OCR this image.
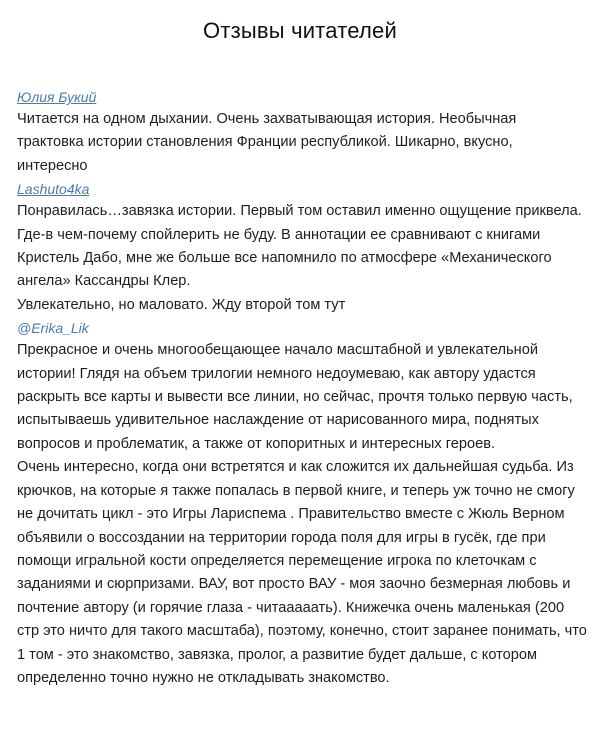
Отзывы читателей
Юлия Букий

Читается на одном дыхании. Очень захватывающая история. Необычная трактовка истории становления Франции республикой. Шикарно, вкусно, интересно

Lashuto4ka

Понравилась…завязка истории. Первый том оставил именно ощущение приквела. Где-в чем-почему спойлерить не буду. В аннотации ее сравнивают с книгами Кристель Дабо, мне же больше все напомнило по атмосфере «Механического ангела» Кассандры Клер.

Увлекательно, но маловато. Жду второй том тут

@Erika_Lik

Прекрасное и очень многообещающее начало масштабной и увлекательной истории! Глядя на объем трилогии немного недоумеваю, как автору удастся раскрыть все карты и вывести все линии, но сейчас, прочтя только первую часть, испытываешь удивительное наслаждение от нарисованного мира, поднятых вопросов и проблематик, а также от копоритных и интересных героев.

Очень интересно, когда они встретятся и как сложится их дальнейшая судьба. Из крючков, на которые я также попалась в первой книге, и теперь уж точно не смогу не дочитать цикл - это Игры Лариспема . Правительство вместе с Жюль Верном объявили о воссоздании на территории города поля для игры в гусёк, где при помощи игральной кости определяется перемещение игрока по клеточкам с заданиями и сюрпризами. ВАУ, вот просто ВАУ - моя заочно безмерная любовь и почтение автору (и горячие глаза - читааааать). Книжечка очень маленькая (200 стр это ничто для такого масштаба), поэтому, конечно, стоит заранее понимать, что 1 том - это знакомство, завязка, пролог, а развитие будет дальше, с котором определенно точно нужно не откладывать знакомство.
